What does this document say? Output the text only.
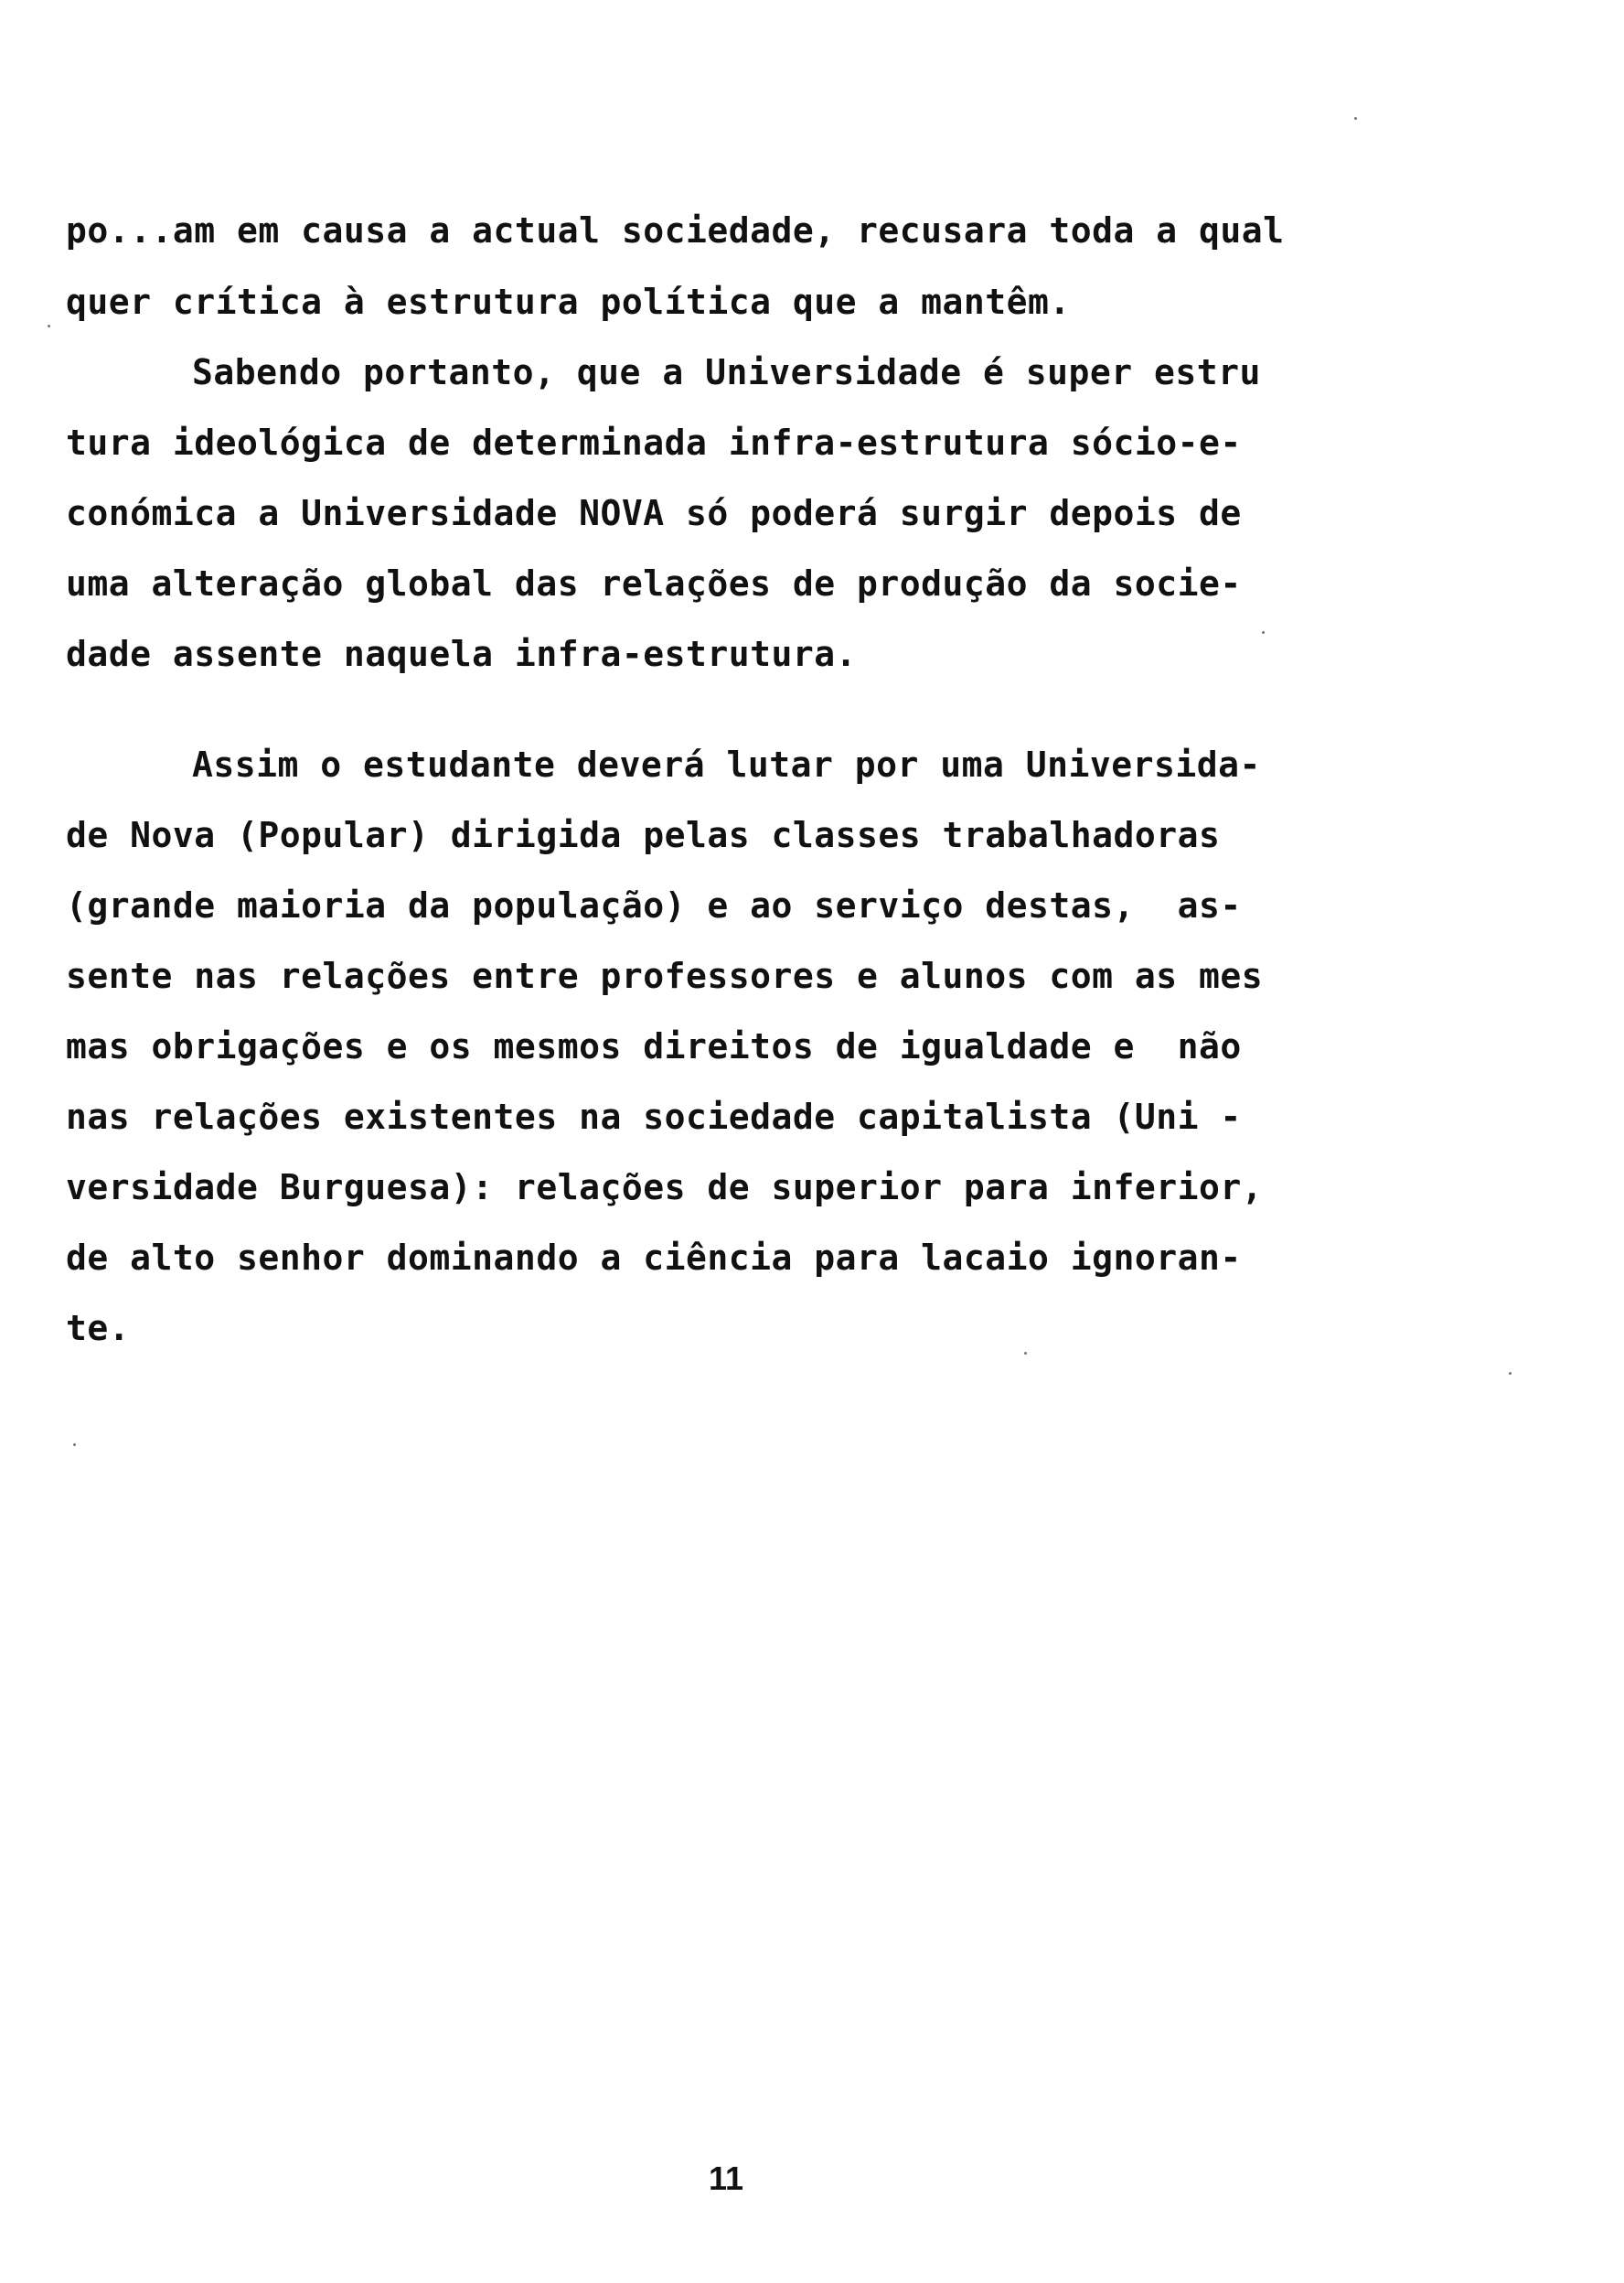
po...am em causa a actual sociedade, recusara toda a qual
quer crítica à estrutura política que a mantêm.
Sabendo portanto, que a Universidade é super estru
tura ideológica de determinada infra-estrutura sócio-e-
conómica a Universidade NOVA só poderá surgir depois de
uma alteração global das relações de produção da socie-
dade assente naquela infra-estrutura.
Assim o estudante deverá lutar por uma Universida-
de Nova (Popular) dirigida pelas classes trabalhadoras
(grande maioria da população) e ao serviço destas,  as-
sente nas relações entre professores e alunos com as mes
mas obrigações e os mesmos direitos de igualdade e  não
nas relações existentes na sociedade capitalista (Uni -
versidade Burguesa): relações de superior para inferior,
de alto senhor dominando a ciência para lacaio ignoran-
te.
11
